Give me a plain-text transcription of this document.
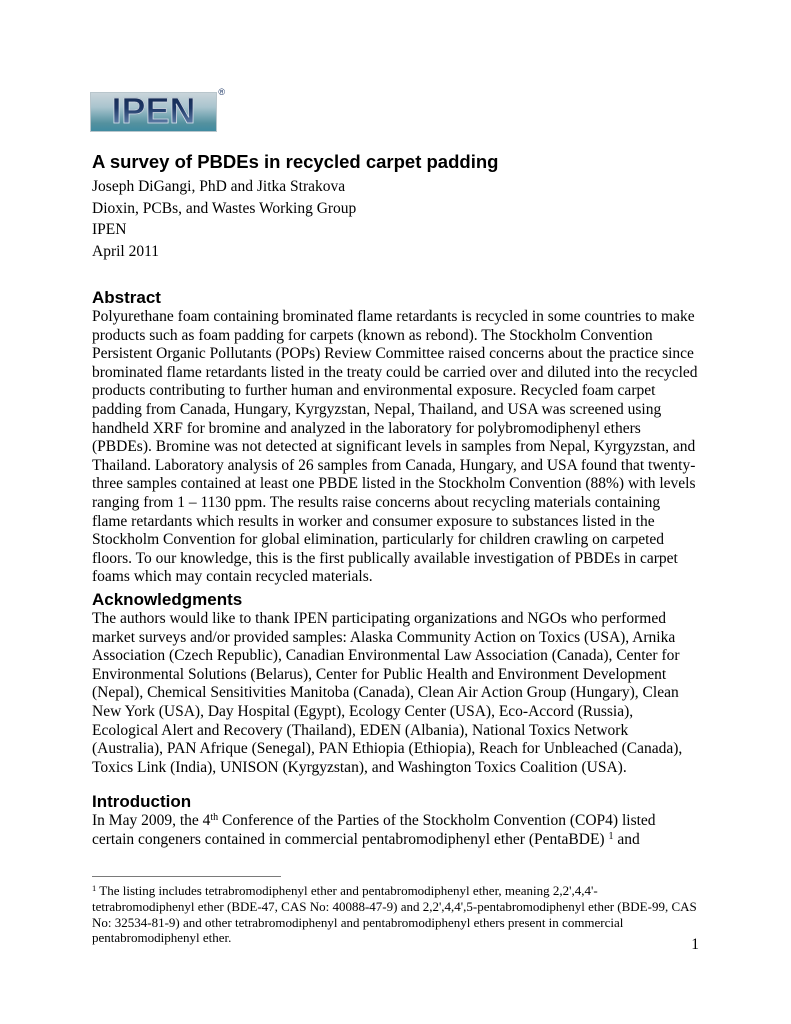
IPEN	®
A survey of PBDEs in recycled carpet padding
Joseph DiGangi, PhD and Jitka Strakova
Dioxin, PCBs, and Wastes Working Group
IPEN
April 2011
Abstract

Polyurethane foam containing brominated flame retardants is recycled in some countries to make products such as foam padding for carpets (known as rebond). The Stockholm Convention Persistent Organic Pollutants (POPs) Review Committee raised concerns about the practice since brominated flame retardants listed in the treaty could be carried over and diluted into the recycled products contributing to further human and environmental exposure. Recycled foam carpet padding from Canada, Hungary, Kyrgyzstan, Nepal, Thailand, and USA was screened using handheld XRF for bromine and analyzed in the laboratory for polybromodiphenyl ethers (PBDEs). Bromine was not detected at significant levels in samples from Nepal, Kyrgyzstan, and Thailand. Laboratory analysis of 26 samples from Canada, Hungary, and USA found that twenty-three samples contained at least one PBDE listed in the Stockholm Convention (88%) with levels ranging from 1 – 1130 ppm. The results raise concerns about recycling materials containing flame retardants which results in worker and consumer exposure to substances listed in the Stockholm Convention for global elimination, particularly for children crawling on carpeted floors. To our knowledge, this is the first publically available investigation of PBDEs in carpet foams which may contain recycled materials.

Acknowledgments

The authors would like to thank IPEN participating organizations and NGOs who performed market surveys and/or provided samples: Alaska Community Action on Toxics (USA), Arnika Association (Czech Republic), Canadian Environmental Law Association (Canada), Center for Environmental Solutions (Belarus), Center for Public Health and Environment Development (Nepal), Chemical Sensitivities Manitoba (Canada), Clean Air Action Group (Hungary), Clean New York (USA), Day Hospital (Egypt), Ecology Center (USA), Eco-Accord (Russia), Ecological Alert and Recovery (Thailand), EDEN (Albania), National Toxics Network (Australia), PAN Afrique (Senegal), PAN Ethiopia (Ethiopia), Reach for Unbleached (Canada), Toxics Link (India), UNISON (Kyrgyzstan), and Washington Toxics Coalition (USA).

Introduction

In May 2009, the 4th Conference of the Parties of the Stockholm Convention (COP4) listed certain congeners contained in commercial pentabromodiphenyl ether (PentaBDE) $^1$ and

$^1$ The listing includes tetrabromodiphenyl ether and pentabromodiphenyl ether, meaning 2,2',4,4'-tetrabromodiphenyl ether (BDE-47, CAS No: 40088-47-9) and 2,2',4,4',5-pentabromodiphenyl ether (BDE-99, CAS No: 32534-81-9) and other tetrabromodiphenyl and pentabromodiphenyl ethers present in commercial pentabromodiphenyl ether.	1
